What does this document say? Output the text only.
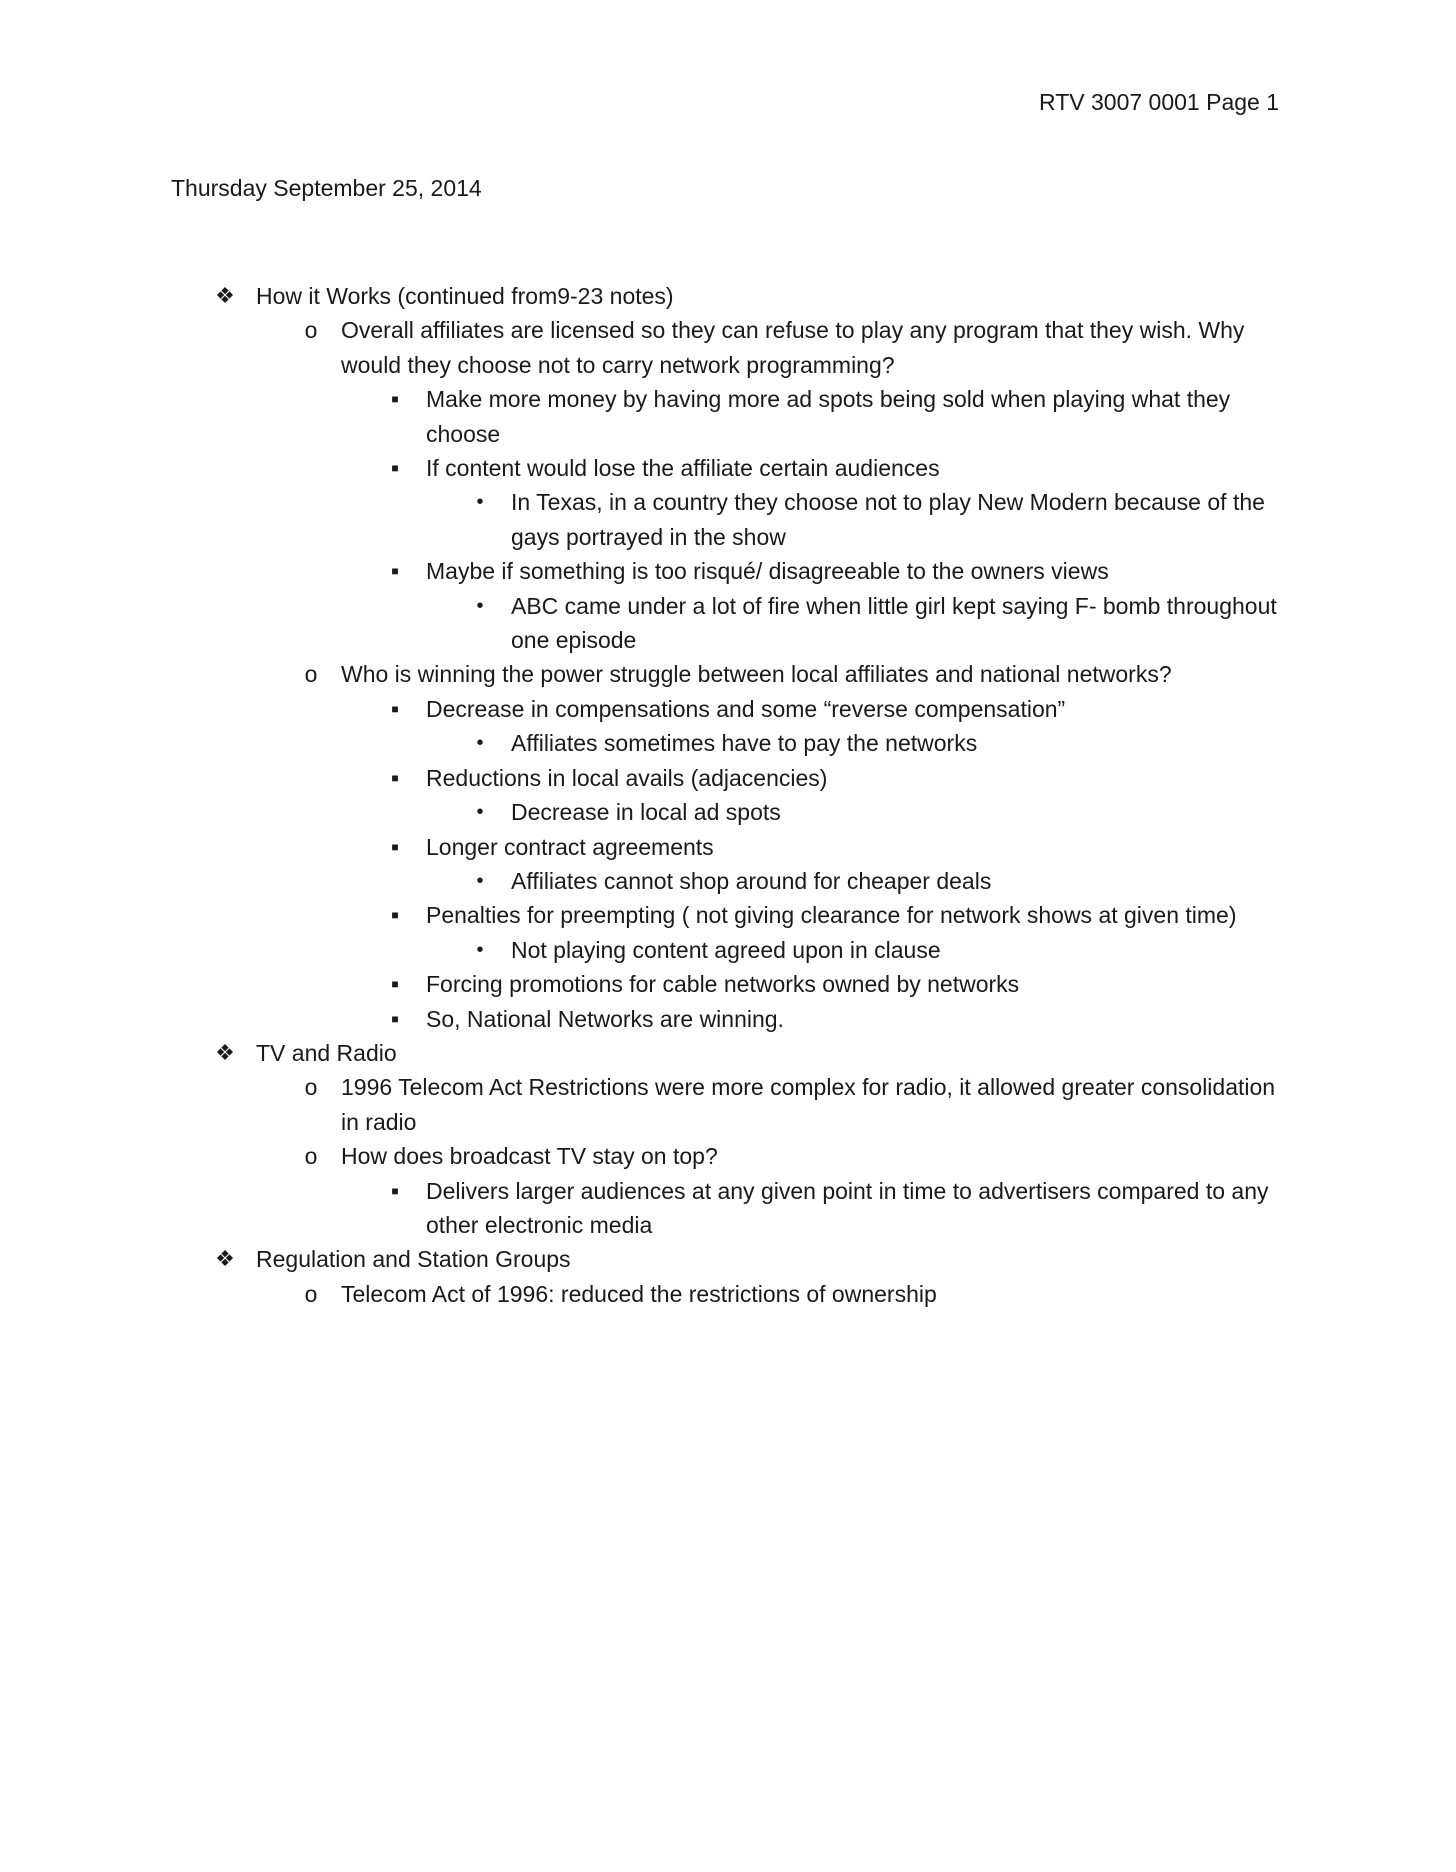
RTV 3007 0001 Page 1
Thursday September 25, 2014
❖ How it Works (continued from9-23 notes)
o Overall affiliates are licensed so they can refuse to play any program that they wish. Why would they choose not to carry network programming?
■	Make more money by having more ad spots being sold when playing what they choose
■	If content would lose the affiliate certain audiences
•	In Texas, in a country they choose not to play New Modern because of the gays portrayed in the show
■	Maybe if something is too risqué/ disagreeable to the owners views
•	ABC came under a lot of fire when little girl kept saying F- bomb throughout one episode
o Who is winning the power struggle between local affiliates and national networks?
■	Decrease in compensations and some “reverse compensation”
•	Affiliates sometimes have to pay the networks
■	Reductions in local avails (adjacencies)
•	Decrease in local ad spots
■	Longer contract agreements
•	Affiliates cannot shop around for cheaper deals
■	Penalties for preempting ( not giving clearance for network shows at given time)
•	Not playing content agreed upon in clause
■	Forcing promotions for cable networks owned by networks
■	So, National Networks are winning.
❖ TV and Radio
o 1996 Telecom Act Restrictions were more complex for radio, it allowed greater consolidation in radio
o How does broadcast TV stay on top?
■	Delivers larger audiences at any given point in time to advertisers compared to any other electronic media
❖ Regulation and Station Groups
o Telecom Act of 1996: reduced the restrictions of ownership
